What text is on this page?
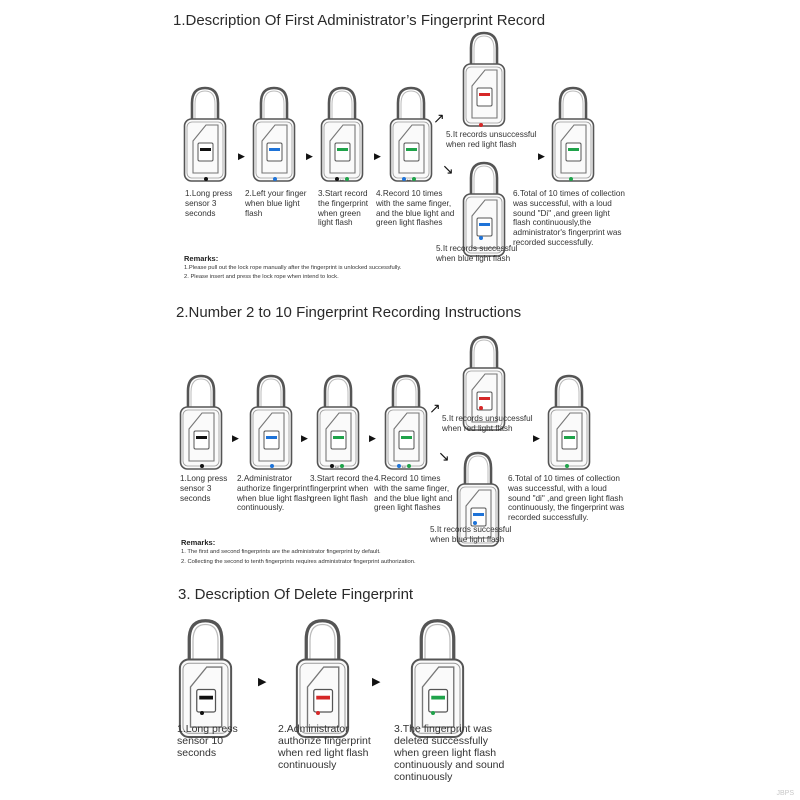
1.Description Of First Administrator’s Fingerprint Record
▶	▶	▶	▶
↗
↘
↔	↔
1.Long press
sensor 3
seconds
2.Left your finger
when blue light
flash
3.Start record
the fingerprint
when green
light flash
4.Record 10 times
with the same finger,
and the blue light and
green light flashes
5.It records unsuccessful
when red light flash
5.It records successful
when blue light flash
6.Total of 10 times of collection
was successful, with a loud
sound "Di" ,and green light
flash continuously,the
administrator's fingerprint was
recorded successfully.
Remarks:
1.Please pull out the lock rope manually after the fingerprint is unlocked successfully.
2. Please insert and press the lock rope when intend to lock.
2.Number 2 to 10 Fingerprint Recording Instructions
▶	▶	▶	▶
↗
↘
↔	↔
1.Long press
sensor 3
seconds
2.Administrator
authorize fingerprint
when blue light flash
continuously.
3.Start record the
fingerprint when
green light flash
4.Record 10 times
with the same finger,
and the blue light and
green light flashes
5.It records unsuccessful
when red light flash
5.It records successful
when blue light flash
6.Total of 10 times of collection
was successful, with a loud
sound "di" ,and green light flash
continuously, the fingerprint was
recorded successfully.
Remarks:
1. The first and second fingerprints are the administrator fingerprint by default.
2. Collecting the second to tenth fingerprints requires administrator fingerprint authorization.
3. Description Of Delete Fingerprint
▶	▶
1.Long press
sensor 10
seconds
2.Administrator
authorize fingerprint
when red light flash
continuously
3.The fingerprint was
deleted successfully
when green light flash
continuously and sound
continuously
JBPS
